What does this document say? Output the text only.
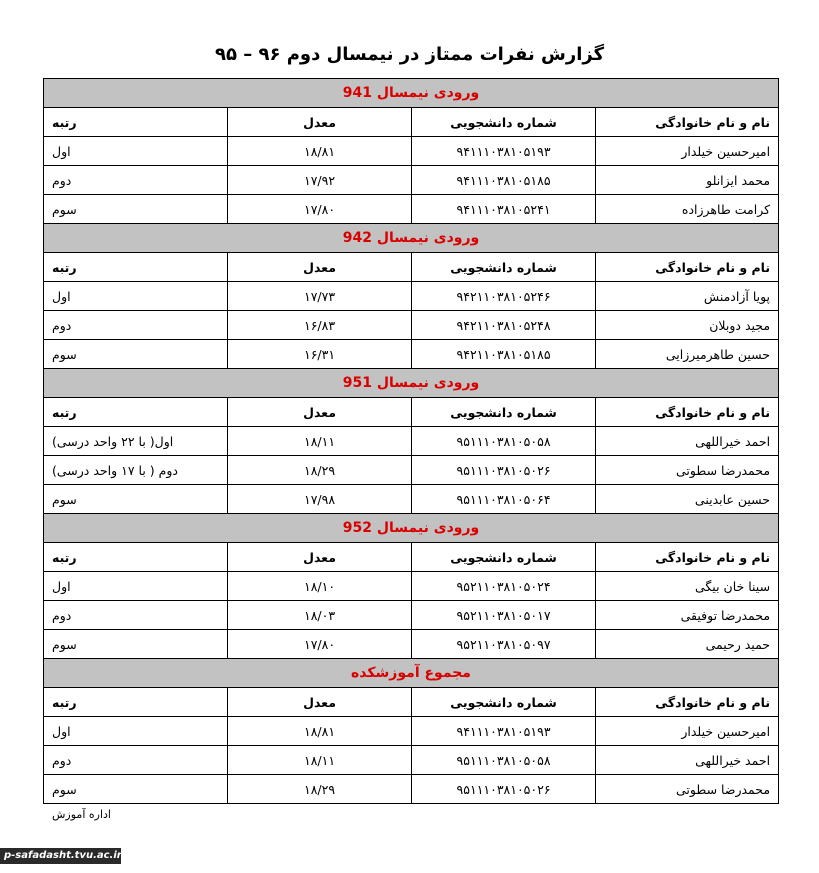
گزارش نفرات ممتاز در نیمسال دوم ۹۶ – ۹۵
ورودی نیمسال 941			
نام و نام خانوادگی	شماره دانشجویی	معدل	رتبه
امیرحسین خیلدار	۹۴۱۱۱۰۳۸۱۰۵۱۹۳	۱۸/۸۱	اول
محمد ایزانلو	۹۴۱۱۱۰۳۸۱۰۵۱۸۵	۱۷/۹۲	دوم
کرامت طاهرزاده	۹۴۱۱۱۰۳۸۱۰۵۲۴۱	۱۷/۸۰	سوم
ورودی نیمسال 942			
نام و نام خانوادگی	شماره دانشجویی	معدل	رتبه
پویا آزادمنش	۹۴۲۱۱۰۳۸۱۰۵۲۴۶	۱۷/۷۳	اول
مجید دوبلان	۹۴۲۱۱۰۳۸۱۰۵۲۴۸	۱۶/۸۳	دوم
حسین طاهرمیرزایی	۹۴۲۱۱۰۳۸۱۰۵۱۸۵	۱۶/۳۱	سوم
ورودی نیمسال 951			
نام و نام خانوادگی	شماره دانشجویی	معدل	رتبه
احمد خیراللهی	۹۵۱۱۱۰۳۸۱۰۵۰۵۸	۱۸/۱۱	اول( با ۲۲ واحد درسی)
محمدرضا سطوتی	۹۵۱۱۱۰۳۸۱۰۵۰۲۶	۱۸/۲۹	دوم ( با ۱۷ واحد درسی)
حسین عابدینی	۹۵۱۱۱۰۳۸۱۰۵۰۶۴	۱۷/۹۸	سوم
ورودی نیمسال 952			
نام و نام خانوادگی	شماره دانشجویی	معدل	رتبه
سینا خان بیگی	۹۵۲۱۱۰۳۸۱۰۵۰۲۴	۱۸/۱۰	اول
محمدرضا توفیقی	۹۵۲۱۱۰۳۸۱۰۵۰۱۷	۱۸/۰۳	دوم
حمید رحیمی	۹۵۲۱۱۰۳۸۱۰۵۰۹۷	۱۷/۸۰	سوم
مجموع آموزشکده			
نام و نام خانوادگی	شماره دانشجویی	معدل	رتبه
امیرحسین خیلدار	۹۴۱۱۱۰۳۸۱۰۵۱۹۳	۱۸/۸۱	اول
احمد خیراللهی	۹۵۱۱۱۰۳۸۱۰۵۰۵۸	۱۸/۱۱	دوم
محمدرضا سطوتی	۹۵۱۱۱۰۳۸۱۰۵۰۲۶	۱۸/۲۹	سوم
اداره آموزش
p-safadasht.tvu.ac.ir
